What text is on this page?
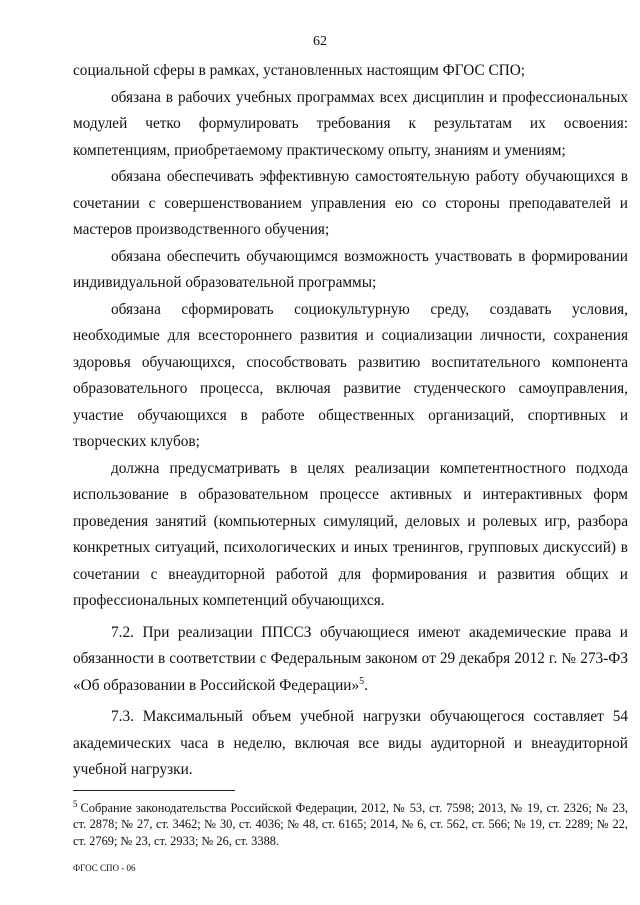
62

социальной сферы в рамках, установленных настоящим ФГОС СПО;

обязана в рабочих учебных программах всех дисциплин и профессиональных модулей четко формулировать требования к результатам их освоения: компетенциям, приобретаемому практическому опыту, знаниям и умениям;

обязана обеспечивать эффективную самостоятельную работу обучающихся в сочетании с совершенствованием управления ею со стороны преподавателей и мастеров производственного обучения;

обязана обеспечить обучающимся возможность участвовать в формировании индивидуальной образовательной программы;

обязана сформировать социокультурную среду, создавать условия, необходимые для всестороннего развития и социализации личности, сохранения здоровья обучающихся, способствовать развитию воспитательного компонента образовательного процесса, включая развитие студенческого самоуправления, участие обучающихся в работе общественных организаций, спортивных и творческих клубов;

должна предусматривать в целях реализации компетентностного подхода использование в образовательном процессе активных и интерактивных форм проведения занятий (компьютерных симуляций, деловых и ролевых игр, разбора конкретных ситуаций, психологических и иных тренингов, групповых дискуссий) в сочетании с внеаудиторной работой для формирования и развития общих и профессиональных компетенций обучающихся.

7.2. При реализации ППССЗ обучающиеся имеют академические права и обязанности в соответствии с Федеральным законом от 29 декабря 2012 г. № 273-ФЗ «Об образовании в Российской Федерации»$^5$.

7.3. Максимальный объем учебной нагрузки обучающегося составляет 54 академических часа в неделю, включая все виды аудиторной и внеаудиторной учебной нагрузки.

$^5$ Собрание законодательства Российской Федерации, 2012, № 53, ст. 7598; 2013, № 19, ст. 2326; № 23, ст. 2878; № 27, ст. 3462; № 30, ст. 4036; № 48, ст. 6165; 2014, № 6, ст. 562, ст. 566; № 19, ст. 2289; № 22, ст. 2769; № 23, ст. 2933; № 26, ст. 3388.
ФГОС СПО - 06
